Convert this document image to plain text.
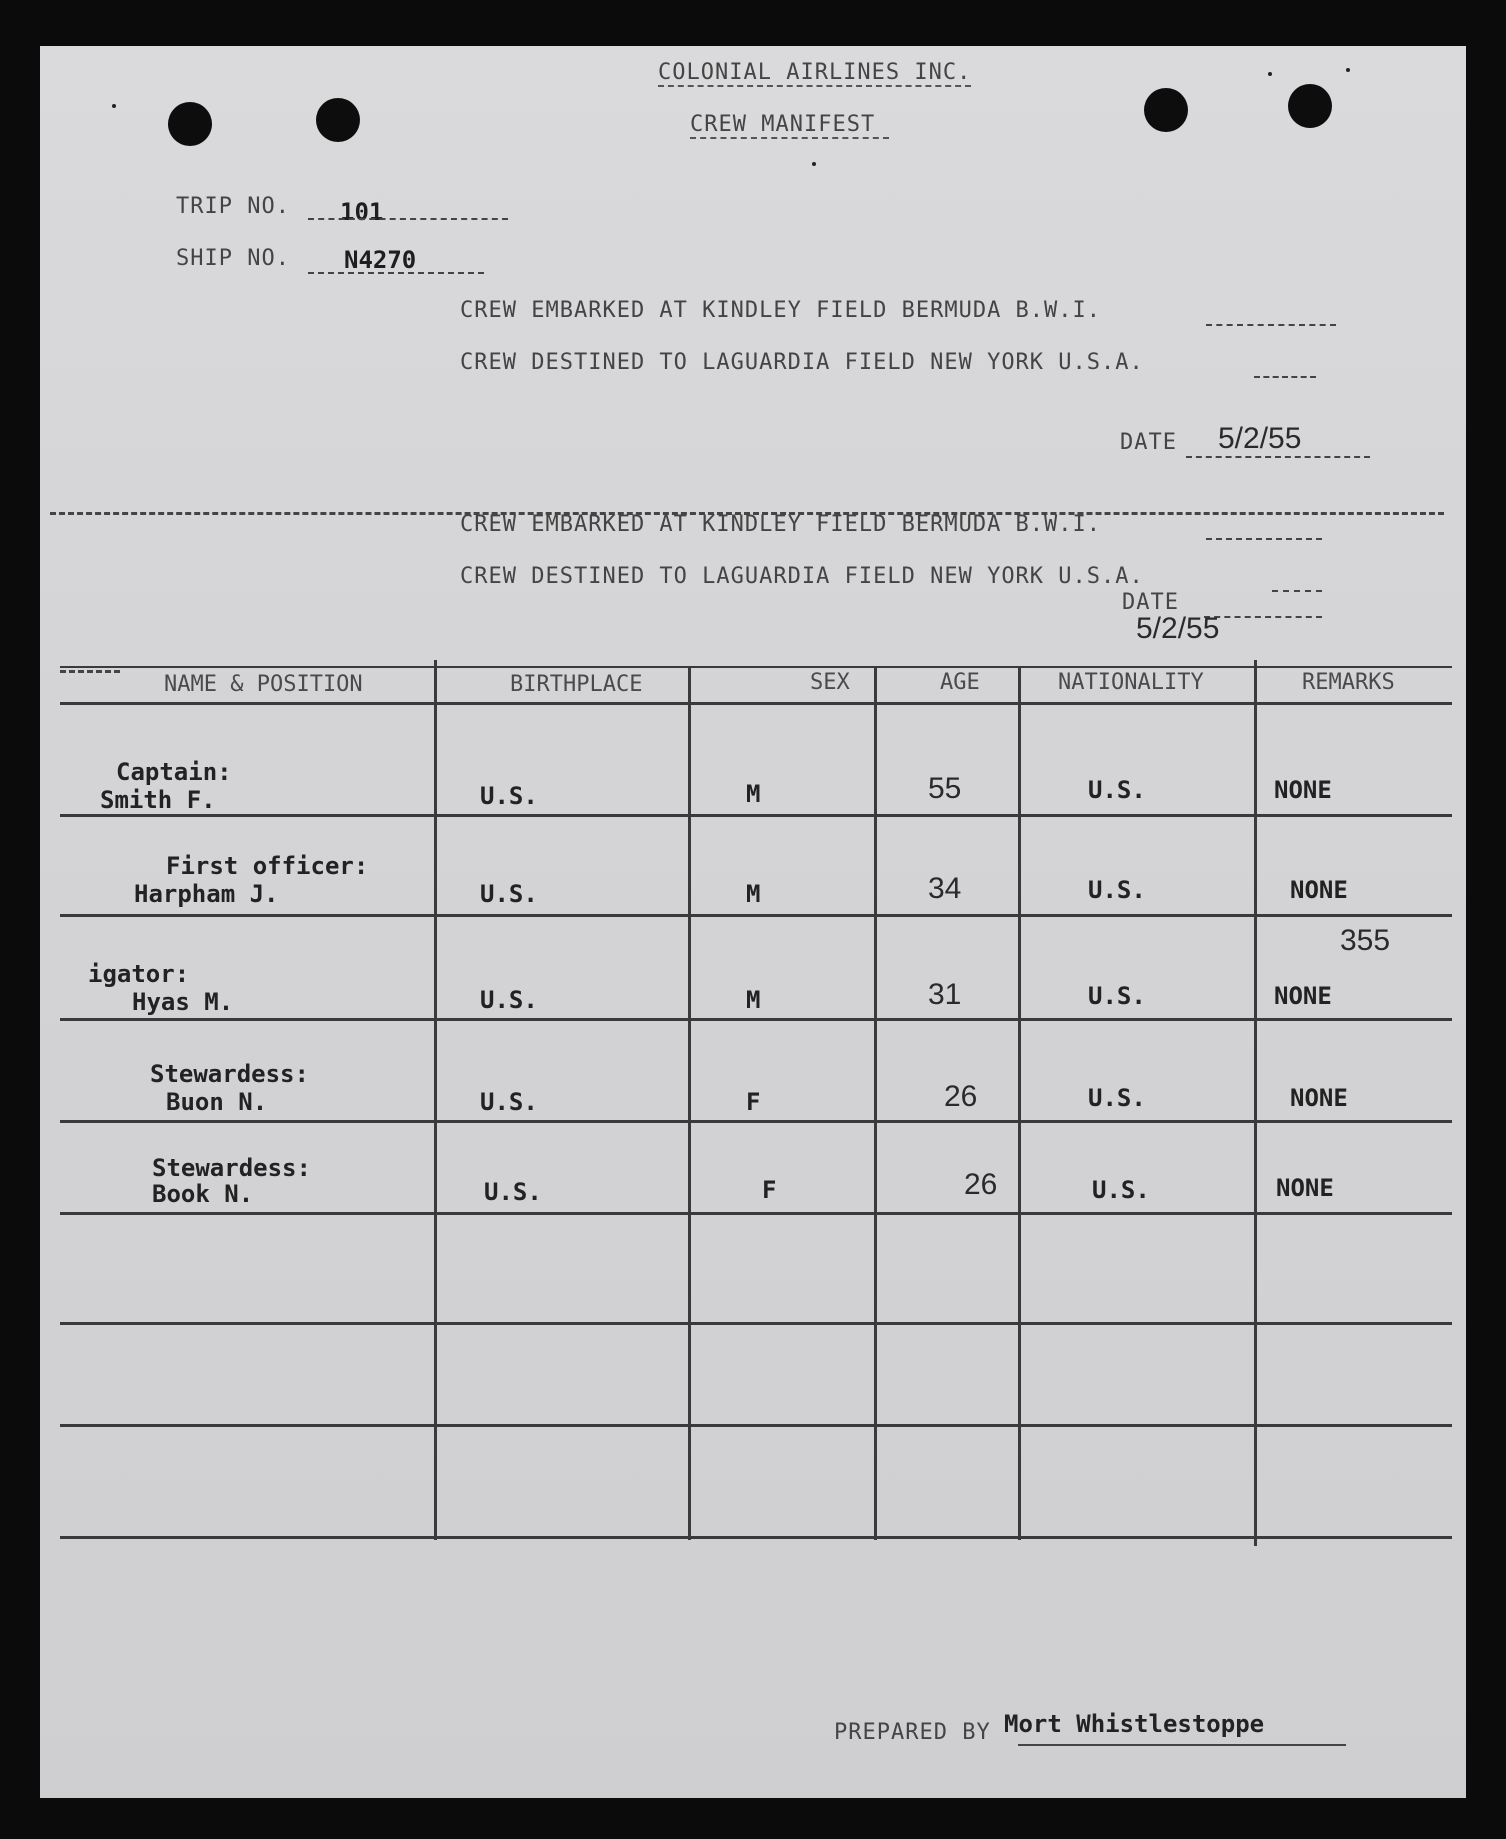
COLONIAL AIRLINES INC.
CREW MANIFEST
TRIP NO. 101
SHIP NO. N4270
CREW EMBARKED AT KINDLEY FIELD BERMUDA B.W.I.
CREW DESTINED TO LAGUARDIA FIELD NEW YORK U.S.A.
DATE 5/2/55
CREW EMBARKED AT KINDLEY FIELD BERMUDA B.W.I.
CREW DESTINED TO LAGUARDIA FIELD NEW YORK U.S.A.
DATE
5/2/55
NAME & POSITION	BIRTHPLACE	SEX	AGE	NATIONALITY	REMARKS
Captain:
Smith F.	U.S.	M	55	U.S.	NONE
First officer:
Harpham J.	U.S.	M	34	U.S.	NONE
355
igator:
Hyas M.	U.S.	M	31	U.S.	NONE
Stewardess:
Buon N.	U.S.	F	26	U.S.	NONE
Stewardess:
Book N.	U.S.	F	26	U.S.	NONE
PREPARED BY Mort Whistlestoppe
